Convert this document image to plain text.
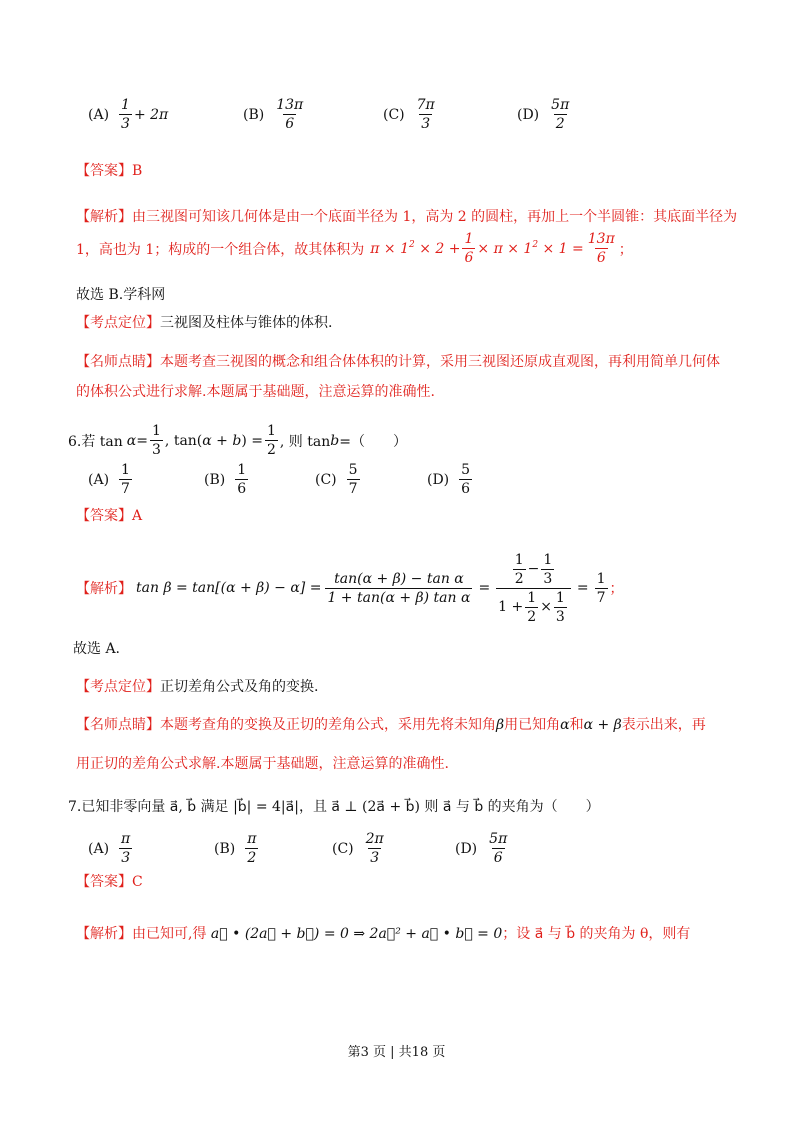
$(A) \frac{1}{3} + 2\pi$	$(B) \frac{13\pi}{6}$	$(C) \frac{7\pi}{3}$	$(D) \frac{5\pi}{2}$
【答案】B
【解析】由三视图可知该几何体是由一个底面半径为 1，高为 2 的圆柱，再加上一个半圆锥：其底面半径为
1，高也为 1；构成的一个组合体，故其体积为 $\pi \times 1^2 \times 2 + \frac{1}{6} \times \pi \times 1^2 \times 1 = \frac{13\pi}{6}$ ；
故选 B.学科网
【考点定位】三视图及柱体与锥体的体积.
【名师点睛】本题考查三视图的概念和组合体体积的计算，采用三视图还原成直观图，再利用简单几何体
的体积公式进行求解.本题属于基础题，注意运算的准确性.
6.若 $\tan \alpha = \frac{1}{3}$ , tan( α + b ) = $\frac{1}{2}$ , 则 tan b =（　　）
$(A) \frac{1}{7}$	$(B) \frac{1}{6}$	$(C) \frac{5}{7}$	$(D) \frac{5}{6}$
【答案】A
【解析】 $\tan \beta = \tan[(\alpha + \beta) - \alpha] = \frac{\text{tan(α + β) − tan α}}{\text{1 + tan(α + β) tan α}} = \frac{\frac{1}{2} - \frac{1}{3}}{1 + \frac{1}{2} \times \frac{1}{3}} = \frac{1}{7}$ ；
故选 A.
【考点定位】正切差角公式及角的变换.
【名师点睛】本题考查角的变换及正切的差角公式，采用先将未知角β用已知角α和α + β表示出来，再
用正切的差角公式求解.本题属于基础题，注意运算的准确性.
7.已知非零向量 a⃗, b⃗ 满足 |b⃗| = 4|a⃗|，且 a⃗ ⊥ (2a⃗ + b⃗) 则 a⃗ 与 b⃗ 的夹角为（　　）
$(A) \frac{\pi}{3}$	$(B) \frac{\pi}{2}$	$(C) \frac{2\pi}{3}$	$(D) \frac{5\pi}{6}$
【答案】C
【解析】由已知可,得 a⃗ • (2a⃗ + b⃗) = 0 ⇒ 2a⃗² + a⃗ • b⃗ = 0；设 a⃗ 与 b⃗ 的夹角为 θ，则有
第3 页 | 共18 页
